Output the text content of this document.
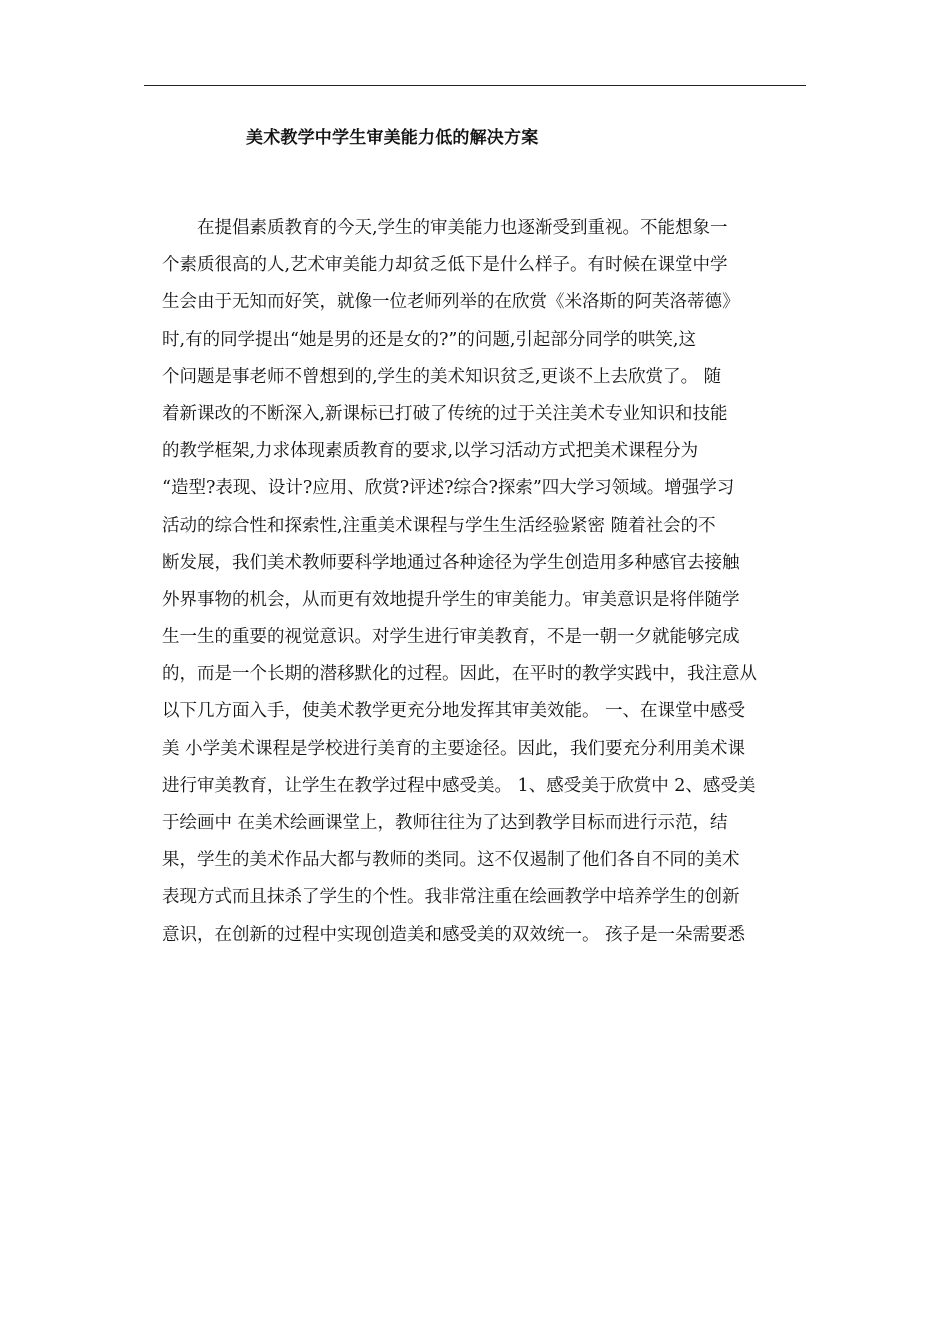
美术教学中学生审美能力低的解决方案
　　在提倡素质教育的今天,学生的审美能力也逐渐受到重视。不能想象一
个素质很高的人,艺术审美能力却贫乏低下是什么样子。有时候在课堂中学
生会由于无知而好笑，就像一位老师列举的在欣赏《米洛斯的阿芙洛蒂德》
时,有的同学提出“她是男的还是女的?”的问题,引起部分同学的哄笑,这
个问题是事老师不曾想到的,学生的美术知识贫乏,更谈不上去欣赏了。 随
着新课改的不断深入,新课标已打破了传统的过于关注美术专业知识和技能
的教学框架,力求体现素质教育的要求,以学习活动方式把美术课程分为
“造型?表现、设计?应用、欣赏?评述?综合?探索”四大学习领域。增强学习
活动的综合性和探索性,注重美术课程与学生生活经验紧密 随着社会的不
断发展，我们美术教师要科学地通过各种途径为学生创造用多种感官去接触
外界事物的机会，从而更有效地提升学生的审美能力。审美意识是将伴随学
生一生的重要的视觉意识。对学生进行审美教育，不是一朝一夕就能够完成
的，而是一个长期的潜移默化的过程。因此，在平时的教学实践中，我注意从
以下几方面入手，使美术教学更充分地发挥其审美效能。 一、在课堂中感受
美 小学美术课程是学校进行美育的主要途径。因此，我们要充分利用美术课
进行审美教育，让学生在教学过程中感受美。 1、感受美于欣赏中 2、感受美
于绘画中 在美术绘画课堂上，教师往往为了达到教学目标而进行示范，结
果，学生的美术作品大都与教师的类同。这不仅遏制了他们各自不同的美术
表现方式而且抹杀了学生的个性。我非常注重在绘画教学中培养学生的创新
意识，在创新的过程中实现创造美和感受美的双效统一。 孩子是一朵需要悉
